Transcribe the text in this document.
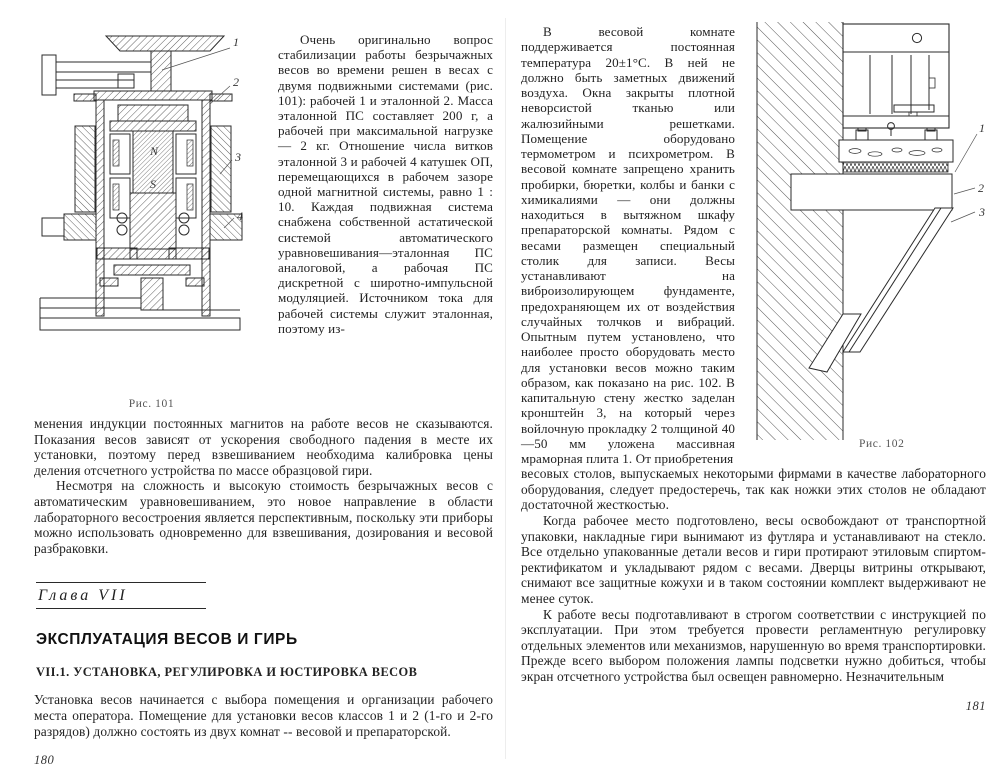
N
S
1
2
3
4
Рис. 101

Очень оригинально вопрос стабилизации работы безрычажных весов во времени решен в весах с двумя подвижными системами (рис. 101): рабочей 1 и эталонной 2. Масса эталонной ПС составляет 200 г, а рабочей при максимальной нагрузке — 2 кг. Отношение числа витков эталонной 3 и рабочей 4 катушек ОП, перемещающихся в рабочем зазоре одной магнитной системы, равно 1 : 10. Каждая подвижная система снабжена собственной астатической системой автоматического уравновешивания—эталонная ПС аналоговой, а рабочая ПС дискретной с широтно-импульсной модуляцией. Источником тока для рабочей системы служит эталонная, поэтому из-

менения индукции постоянных магнитов на работе весов не сказываются. Показания весов зависят от ускорения свободного падения в месте их установки, поэтому перед взвешиванием необходима калибровка цены деления отсчетного устройства по массе образцовой гири.

Несмотря на сложность и высокую стоимость безрычажных весов с автоматическим уравновешиванием, это новое направление в области лабораторного весостроения является перспективным, поскольку эти приборы можно использовать одновременно для взвешивания, дозирования и весовой разбраковки.

Глава VII
ЭКСПЛУАТАЦИЯ ВЕСОВ И ГИРЬ
VII.1. УСТАНОВКА, РЕГУЛИРОВКА И ЮСТИРОВКА ВЕСОВ

Установка весов начинается с выбора помещения и организации рабочего места оператора. Помещение для установки весов классов 1 и 2 (1-го и 2-го разрядов) должно состоять из двух комнат -- весовой и препараторской.

180

В весовой комнате поддерживается постоянная температура 20±1°C. В ней не должно быть заметных движений воздуха. Окна закрыты плотной неворсистой тканью или жалюзийными решетками. Помещение оборудовано термометром и психрометром. В весовой комнате запрещено хранить пробирки, бюретки, колбы и банки с химикалиями — они должны находиться в вытяжном шкафу препараторской комнаты. Рядом с весами размещен специальный столик для записи. Весы устанавливают на виброизолирующем фундаменте, предохраняющем их от воздействия случайных толчков и вибраций. Опытным путем установлено, что наиболее просто оборудовать место для установки весов можно таким образом, как показано на рис. 102. В капитальную стену жестко заделан кронштейн 3, на который через войлочную прокладку 2 толщиной 40—50 мм уложена массивная мраморная плита 1. От приобретения

1
2
3
Рис. 102

весовых столов, выпускаемых некоторыми фирмами в качестве лабораторного оборудования, следует предостеречь, так как ножки этих столов не обладают достаточной жесткостью.

Когда рабочее место подготовлено, весы освобождают от транспортной упаковки, накладные гири вынимают из футляра и устанавливают на стекло. Все отдельно упакованные детали весов и гири протирают этиловым спиртом-ректификатом и укладывают рядом с весами. Дверцы витрины открывают, снимают все защитные кожухи и в таком состоянии комплект выдерживают не менее суток.

К работе весы подготавливают в строгом соответствии с инструкцией по эксплуатации. При этом требуется провести регламентную регулировку отдельных элементов или механизмов, нарушенную во время транспортировки. Прежде всего выбором положения лампы подсветки нужно добиться, чтобы экран отсчетного устройства был освещен равномерно. Незначительным

181
